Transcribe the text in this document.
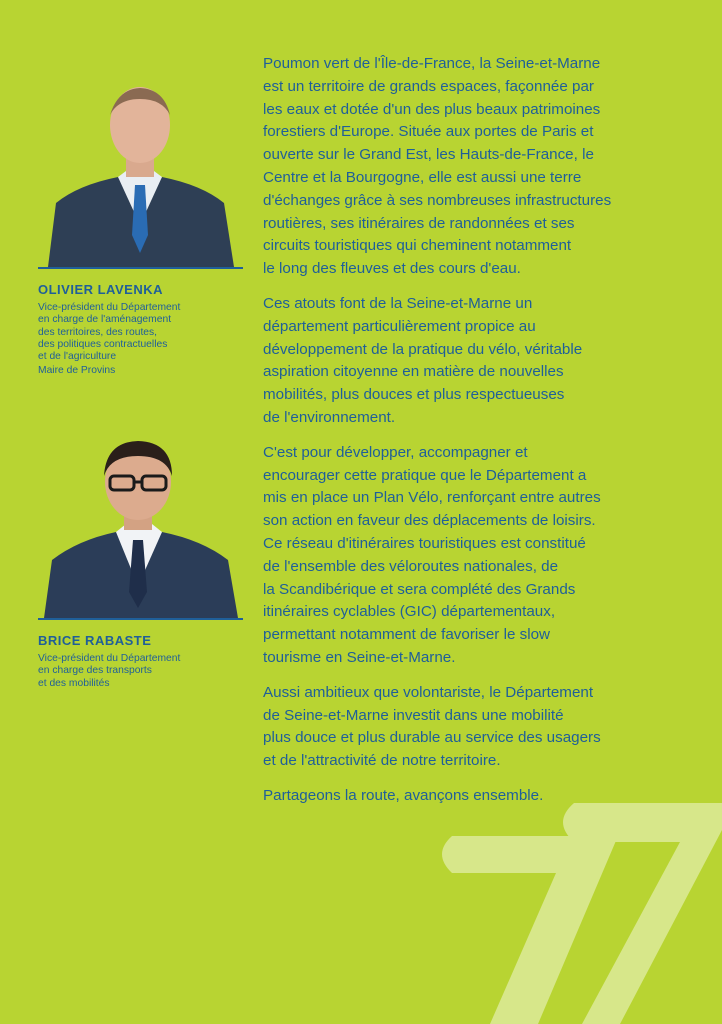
OLIVIER LAVENKA
Vice-président du Département
en charge de l'aménagement
des territoires, des routes,
des politiques contractuelles
et de l'agriculture
Maire de Provins
BRICE RABASTE
Vice-président du Département
en charge des transports
et des mobilités

Poumon vert de l'Île-de-France, la Seine-et-Marne
est un territoire de grands espaces, façonnée par
les eaux et dotée d'un des plus beaux patrimoines
forestiers d'Europe. Située aux portes de Paris et
ouverte sur le Grand Est, les Hauts-de-France, le
Centre et la Bourgogne, elle est aussi une terre
d'échanges grâce à ses nombreuses infrastructures
routières, ses itinéraires de randonnées et ses
circuits touristiques qui cheminent notamment
le long des fleuves et des cours d'eau.

Ces atouts font de la Seine-et-Marne un
département particulièrement propice au
développement de la pratique du vélo, véritable
aspiration citoyenne en matière de nouvelles
mobilités, plus douces et plus respectueuses
de l'environnement.

C'est pour développer, accompagner et
encourager cette pratique que le Département a
mis en place un Plan Vélo, renforçant entre autres
son action en faveur des déplacements de loisirs.
Ce réseau d'itinéraires touristiques est constitué
de l'ensemble des véloroutes nationales, de
la Scandibérique et sera complété des Grands
itinéraires cyclables (GIC) départementaux,
permettant notamment de favoriser le slow
tourisme en Seine-et-Marne.

Aussi ambitieux que volontariste, le Département
de Seine-et-Marne investit dans une mobilité
plus douce et plus durable au service des usagers
et de l'attractivité de notre territoire.

Partageons la route, avançons ensemble.
